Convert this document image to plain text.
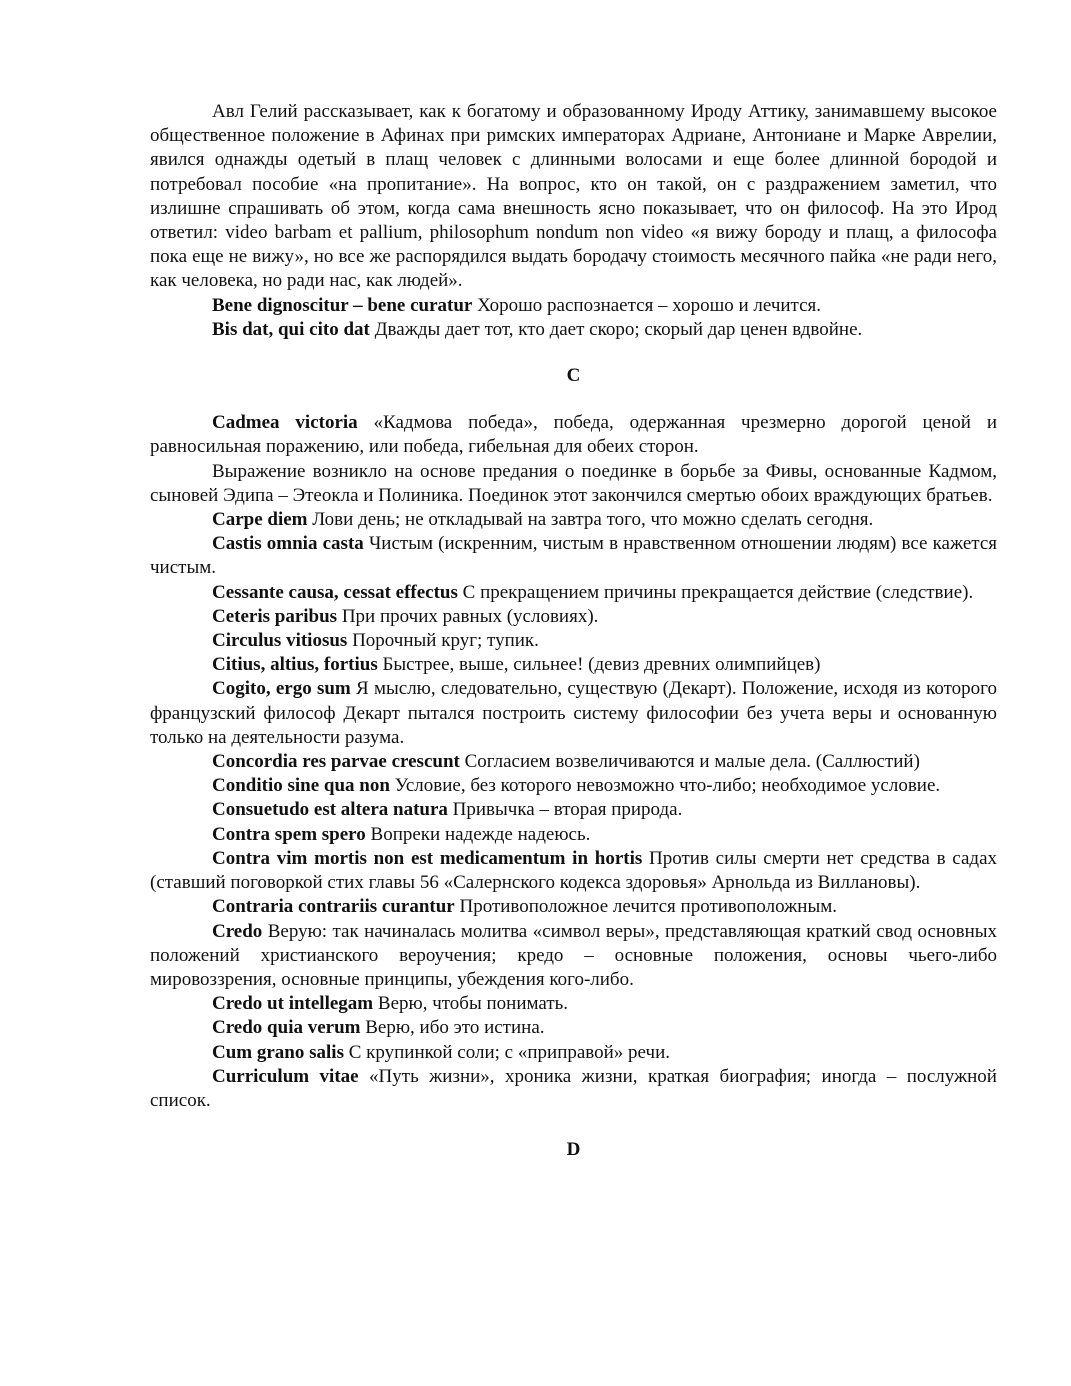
Авл Гелий рассказывает, как к богатому и образованному Ироду Аттику, занимавшему высокое общественное положение в Афинах при римских императорах Адриане, Антониане и Марке Аврелии, явился однажды одетый в плащ человек с длинными волосами и еще более длинной бородой и потребовал пособие «на пропитание». На вопрос, кто он такой, он с раздражением заметил, что излишне спрашивать об этом, когда сама внешность ясно показывает, что он философ. На это Ирод ответил: video barbam et pallium, philosophum nondum non video «я вижу бороду и плащ, а философа пока еще не вижу», но все же распорядился выдать бородачу стоимость месячного пайка «не ради него, как человека, но ради нас, как людей».

Bene dignoscitur – bene curatur Хорошо распознается – хорошо и лечится.

Bis dat, qui cito dat Дважды дает тот, кто дает скоро; скорый дар ценен вдвойне.

C

Cadmea victoria «Кадмова победа», победа, одержанная чрезмерно дорогой ценой и равносильная поражению, или победа, гибельная для обеих сторон.

Выражение возникло на основе предания о поединке в борьбе за Фивы, основанные Кадмом, сыновей Эдипа – Этеокла и Полиника. Поединок этот закончился смертью обоих враждующих братьев.

Carpe diem Лови день; не откладывай на завтра того, что можно сделать сегодня.

Castis omnia casta Чистым (искренним, чистым в нравственном отношении людям) все кажется чистым.

Cessante causa, cessat effectus С прекращением причины прекращается действие (следствие).

Ceteris paribus При прочих равных (условиях).

Circulus vitiosus Порочный круг; тупик.

Citius, altius, fortius Быстрее, выше, сильнее! (девиз древних олимпийцев)

Cogito, ergo sum Я мыслю, следовательно, существую (Декарт). Положение, исходя из которого французский философ Декарт пытался построить систему философии без учета веры и основанную только на деятельности разума.

Concordia res parvae crescunt Согласием возвеличиваются и малые дела. (Саллюстий)

Conditio sine qua non Условие, без которого невозможно что-либо; необходимое условие.

Consuetudo est altera natura Привычка – вторая природа.

Contra spem spero Вопреки надежде надеюсь.

Contra vim mortis non est medicamentum in hortis Против силы смерти нет средства в садах (ставший поговоркой стих главы 56 «Салернского кодекса здоровья» Арнольда из Виллановы).

Contraria contrariis curantur Противоположное лечится противоположным.

Credo Верую: так начиналась молитва «символ веры», представляющая краткий свод основных положений христианского вероучения; кредо – основные положения, основы чьего-либо мировоззрения, основные принципы, убеждения кого-либо.

Credo ut intellegam Верю, чтобы понимать.

Credo quia verum Верю, ибо это истина.

Cum grano salis С крупинкой соли; с «приправой» речи.

Curriculum vitae «Путь жизни», хроника жизни, краткая биография; иногда – послужной список.

D
